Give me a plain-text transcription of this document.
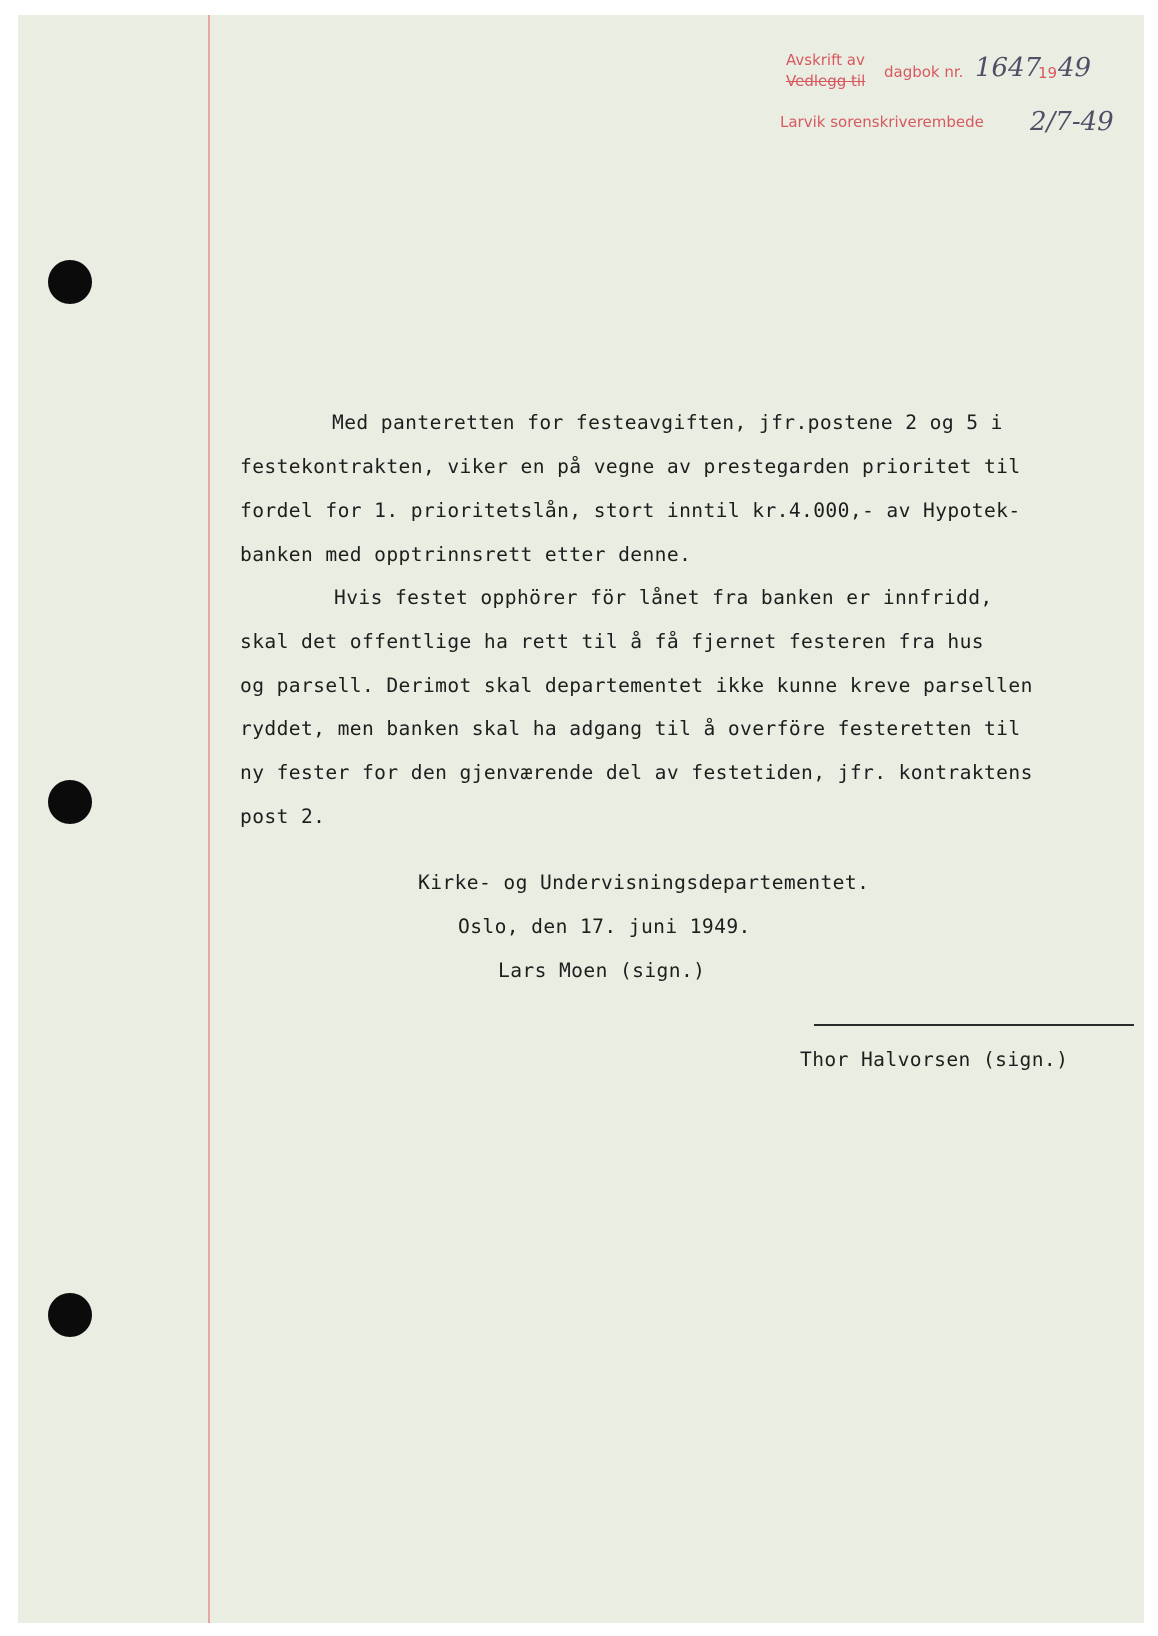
Avskrift av
Vedlegg til dagbok nr. 1647
19 49
Larvik sorenskriverembede 2/7-49
Med panteretten for festeavgiften, jfr.postene 2 og 5 i
festekontrakten, viker en på vegne av prestegarden prioritet til
fordel for 1. prioritetslån, stort inntil kr.4.000,- av Hypotek-
banken med opptrinnsrett etter denne.
Hvis festet opphörer för lånet fra banken er innfridd,
skal det offentlige ha rett til å få fjernet festeren fra hus
og parsell. Derimot skal departementet ikke kunne kreve parsellen
ryddet, men banken skal ha adgang til å overföre festeretten til
ny fester for den gjenværende del av festetiden, jfr. kontraktens
post 2.
Kirke- og Undervisningsdepartementet.
Oslo, den 17. juni 1949.
Lars Moen (sign.)
Thor Halvorsen (sign.)
